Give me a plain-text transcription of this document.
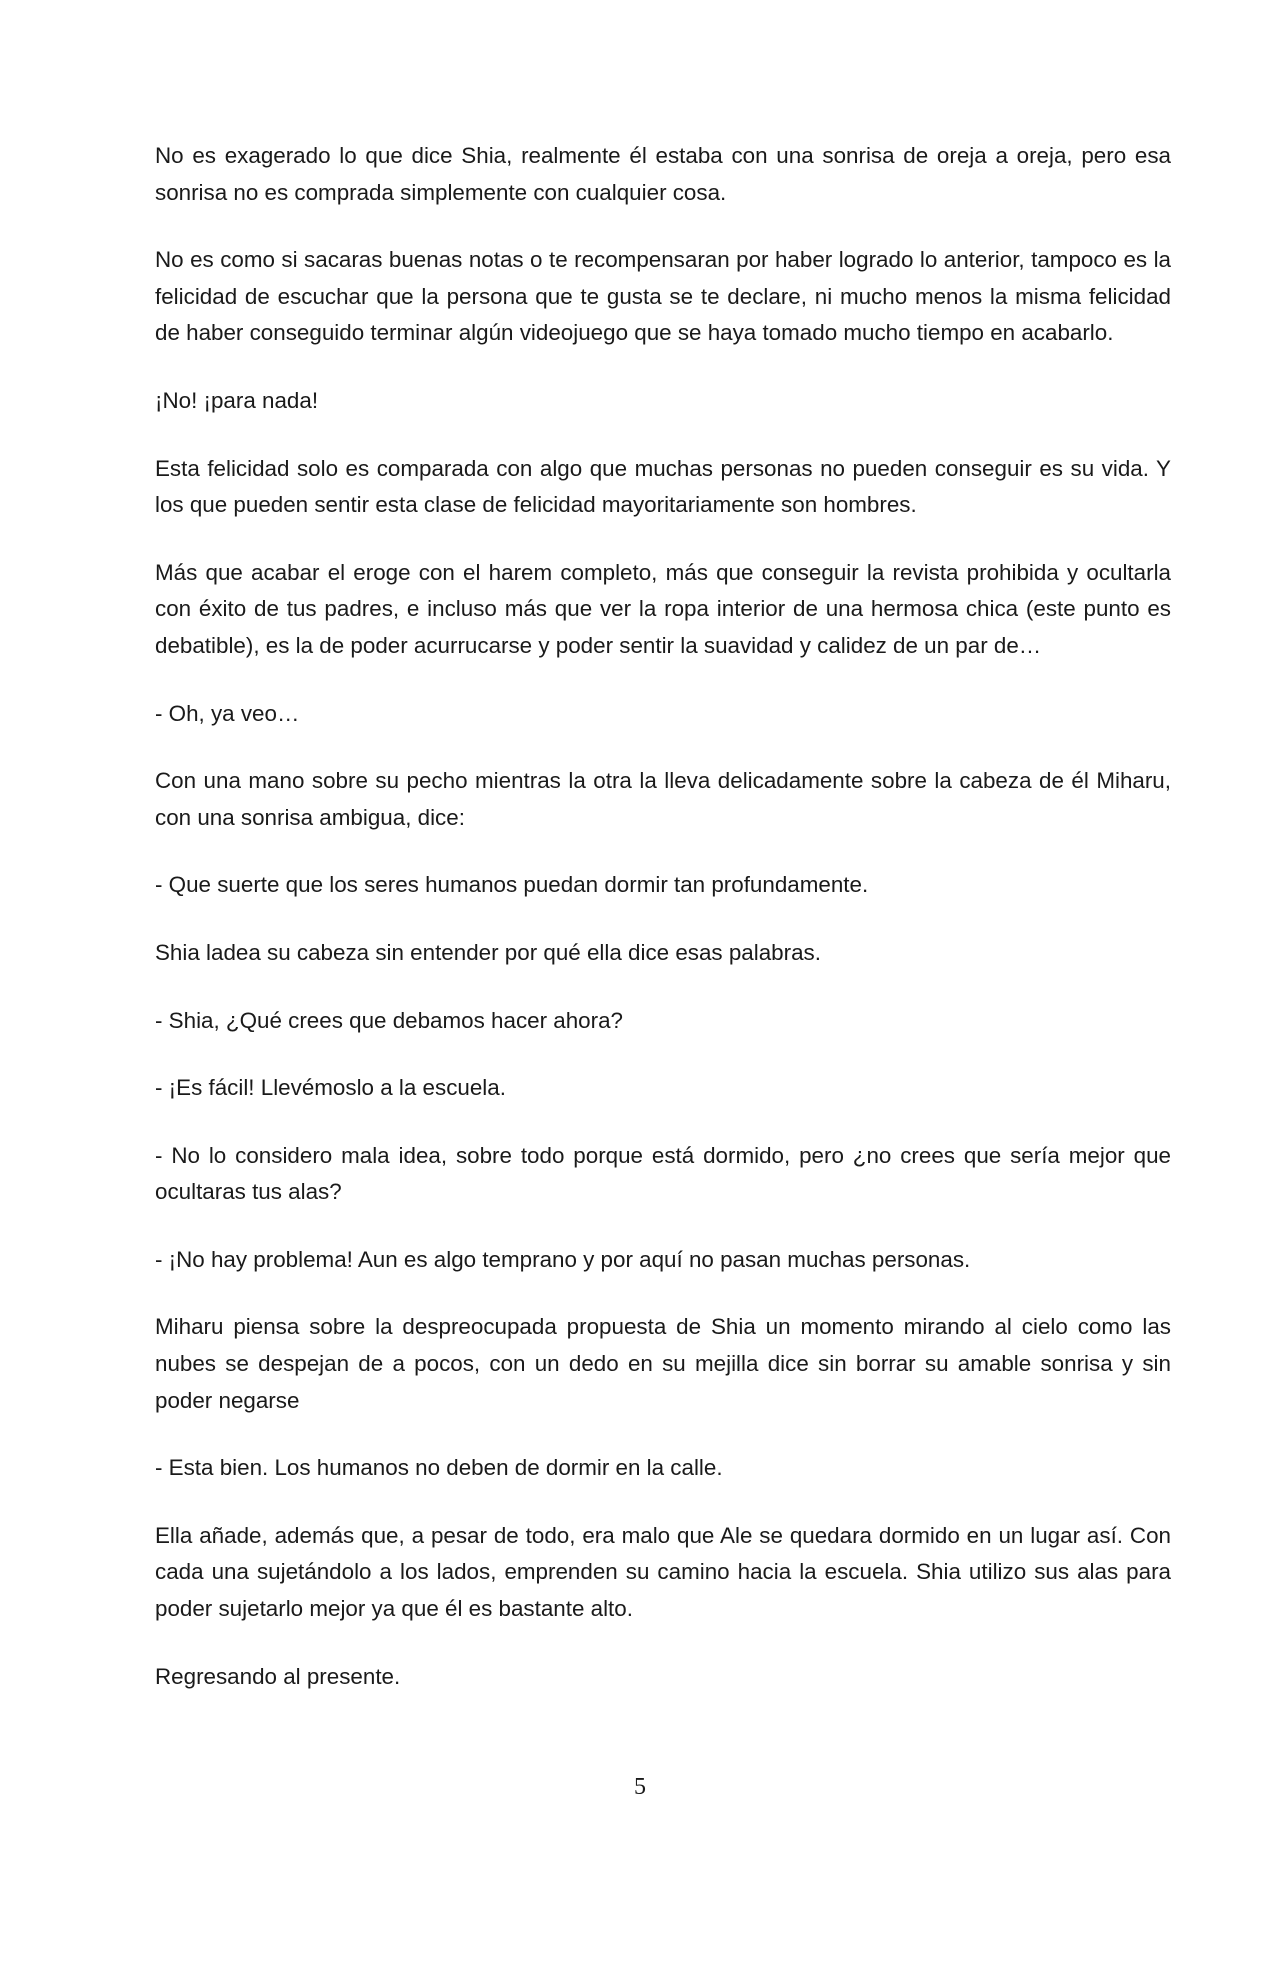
No es exagerado lo que dice Shia, realmente él estaba con una sonrisa de oreja a oreja, pero esa sonrisa no es comprada simplemente con cualquier cosa.

No es como si sacaras buenas notas o te recompensaran por haber logrado lo anterior, tampoco es la felicidad de escuchar que la persona que te gusta se te declare, ni mucho menos la misma felicidad de haber conseguido terminar algún videojuego que se haya tomado mucho tiempo en acabarlo.

¡No! ¡para nada!

Esta felicidad solo es comparada con algo que muchas personas no pueden conseguir es su vida. Y los que pueden sentir esta clase de felicidad mayoritariamente son hombres.

Más que acabar el eroge con el harem completo, más que conseguir la revista prohibida y ocultarla con éxito de tus padres, e incluso más que ver la ropa interior de una hermosa chica (este punto es debatible), es la de poder acurrucarse y poder sentir la suavidad y calidez de un par de…

- Oh, ya veo…

Con una mano sobre su pecho mientras la otra la lleva delicadamente sobre la cabeza de él Miharu, con una sonrisa ambigua, dice:

- Que suerte que los seres humanos puedan dormir tan profundamente.

Shia ladea su cabeza sin entender por qué ella dice esas palabras.

- Shia, ¿Qué crees que debamos hacer ahora?

- ¡Es fácil! Llevémoslo a la escuela.

- No lo considero mala idea, sobre todo porque está dormido, pero ¿no crees que sería mejor que ocultaras tus alas?

- ¡No hay problema! Aun es algo temprano y por aquí no pasan muchas personas.

Miharu piensa sobre la despreocupada propuesta de Shia un momento mirando al cielo como las nubes se despejan de a pocos, con un dedo en su mejilla dice sin borrar su amable sonrisa y sin poder negarse

- Esta bien. Los humanos no deben de dormir en la calle.

Ella añade, además que, a pesar de todo, era malo que Ale se quedara dormido en un lugar así. Con cada una sujetándolo a los lados, emprenden su camino hacia la escuela. Shia utilizo sus alas para poder sujetarlo mejor ya que él es bastante alto.

Regresando al presente.

5
